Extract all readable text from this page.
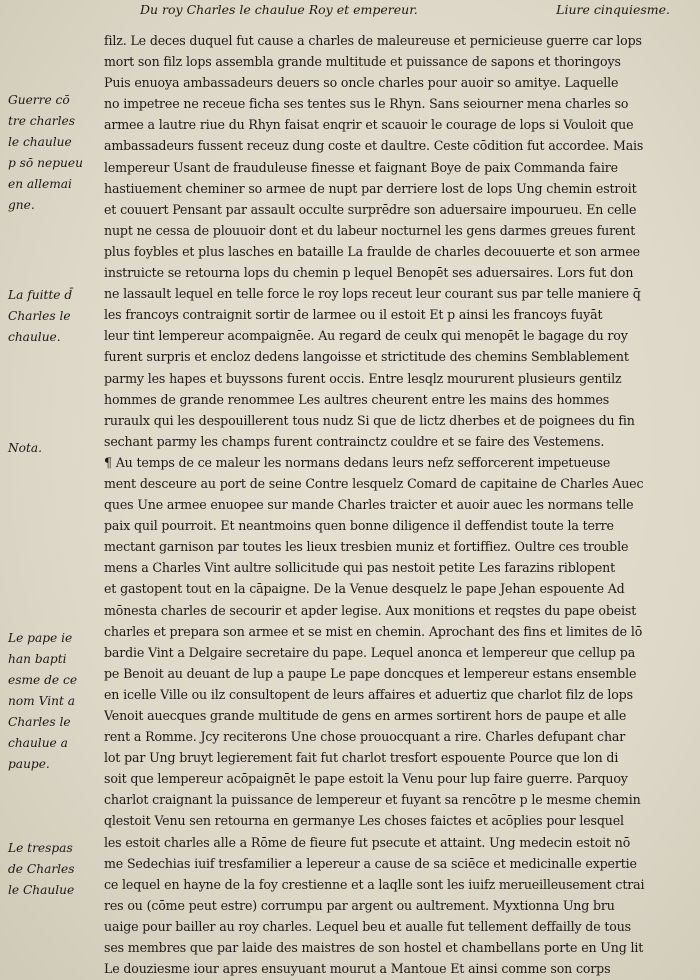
Du roy Charles le chaulue Roy et empereur.	Liure cinquiesme.
Guerre cō
tre charles
le chaulue
p sō nepueu
en allemai
gne.
La fuitte d̄
Charles le
chaulue.
Nota.
Le pape ie
han bapti
esme de ce
nom Vint a
Charles le
chaulue a
paupe.
Le trespas
de Charles
le Chaulue
filz. Le deces duquel fut cause a charles de maleureuse et pernicieuse guerre car lops
mort son filz lops assembla grande multitude et puissance de sapons et thoringoys
Puis enuoya ambassadeurs deuers so oncle charles pour auoir so amitye. Laquelle
no impetree ne receue ficha ses tentes sus le Rhyn. Sans seiourner mena charles so
armee a lautre riue du Rhyn faisat enqrir et scauoir le courage de lops si Vouloit que
ambassadeurs fussent receuz dung coste et daultre. Ceste cōdition fut accordee. Mais
lempereur Usant de frauduleuse finesse et faignant Boye de paix Commanda faire
hastiuement cheminer so armee de nupt par derriere lost de lops Ung chemin estroit
et couuert Pensant par assault occulte surprēdre son aduersaire impourueu. En celle
nupt ne cessa de plouuoir dont et du labeur nocturnel les gens darmes greues furent
plus foybles et plus lasches en bataille La fraulde de charles decouuerte et son armee
instruicte se retourna lops du chemin p lequel Benopēt ses aduersaires. Lors fut don
ne lassault lequel en telle force le roy lops receut leur courant sus par telle maniere q̄
les francoys contraignit sortir de larmee ou il estoit Et p ainsi les francoys fuyāt
leur tint lempereur acompaignēe. Au regard de ceulx qui menopēt le bagage du roy
furent surpris et encloz dedens langoisse et strictitude des chemins Semblablement
parmy les hapes et buyssons furent occis. Entre lesqlz moururent plusieurs gentilz
hommes de grande renommee Les aultres cheurent entre les mains des hommes
ruraulx qui les despouillerent tous nudz Si que de lictz dherbes et de poignees du fin
sechant parmy les champs furent contrainctz couldre et se faire des Vestemens.
¶ Au temps de ce maleur les normans dedans leurs nefz sefforcerent impetueuse
ment desceure au port de seine Contre lesquelz Comard de capitaine de Charles Auec
ques Une armee enuopee sur mande Charles traicter et auoir auec les normans telle
paix quil pourroit. Et neantmoins quen bonne diligence il deffendist toute la terre
mectant garnison par toutes les lieux tresbien muniz et fortiffiez. Oultre ces trouble
mens a Charles Vint aultre sollicitude qui pas nestoit petite Les farazins riblopent
et gastopent tout en la cāpaigne. De la Venue desquelz le pape Jehan espouente Ad
mōnesta charles de secourir et apder legise. Aux monitions et reqstes du pape obeist
charles et prepara son armee et se mist en chemin. Aprochant des fins et limites de lō
bardie Vint a Delgaire secretaire du pape. Lequel anonca et lempereur que cellup pa
pe Benoit au deuant de lup a paupe Le pape doncques et lempereur estans ensemble
en icelle Ville ou ilz consultopent de leurs affaires et aduertiz que charlot filz de lops
Venoit auecques grande multitude de gens en armes sortirent hors de paupe et alle
rent a Romme. Jcy reciterons Une chose prouocquant a rire. Charles defupant char
lot par Ung bruyt legierement fait fut charlot tresfort espouente Pource que lon di
soit que lempereur acōpaignēt le pape estoit la Venu pour lup faire guerre. Parquoy
charlot craignant la puissance de lempereur et fuyant sa rencōtre p le mesme chemin
qlestoit Venu sen retourna en germanye Les choses faictes et acōplies pour lesquel
les estoit charles alle a Rōme de fieure fut psecute et attaint. Ung medecin estoit nō
me Sedechias iuif tresfamilier a lepereur a cause de sa sciēce et medicinalle expertie
ce lequel en hayne de la foy crestienne et a laqlle sont les iuifz merueilleusement ctrai
res ou (cōme peut estre) corrumpu par argent ou aultrement. Myxtionna Ung bru
uaige pour bailler au roy charles. Lequel beu et aualle fut tellement deffailly de tous
ses membres que par laide des maistres de son hostel et chambellans porte en Ung lit
Le douziesme iour apres ensuyuant mourut a Mantoue Et ainsi comme son corps
